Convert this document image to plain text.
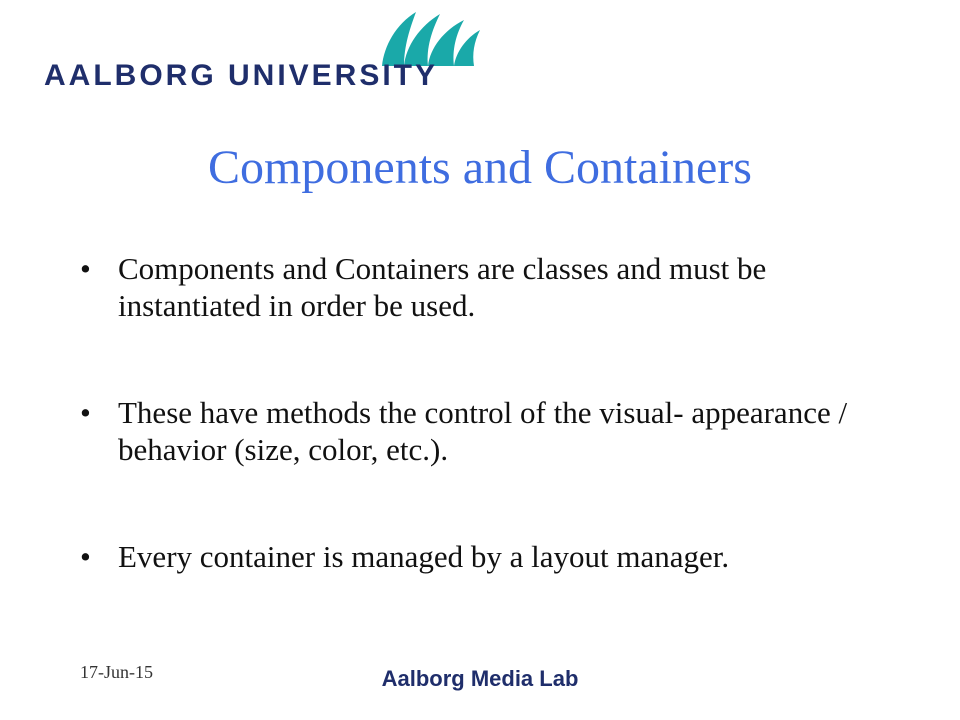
AALBORG UNIVERSITY
Components and Containers
• Components and Containers are classes and must be instantiated in order be used.
• These have methods the control of the visual- appearance / behavior (size, color, etc.).
• Every container is managed by a layout manager.
17-Jun-15	Aalborg Media Lab
